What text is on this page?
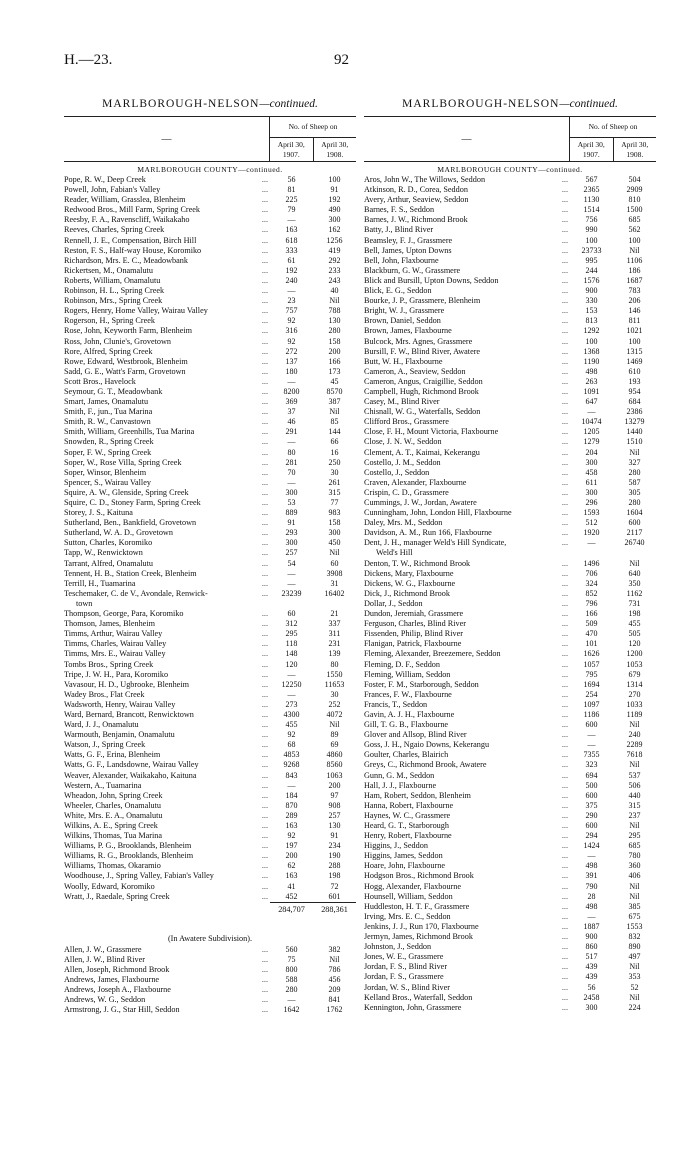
H.—23.	92
MARLBOROUGH-NELSON—continued.
—
No. of Sheep on
April 30, 1907.
April 30, 1908.
MARLBOROUGH COUNTY—continued.
Pope, R. W., Deep Creek	...	56	100
Powell, John, Fabian's Valley	...	81	91
Reader, William, Grasslea, Blenheim	...	225	192
Redwood Bros., Mill Farm, Spring Creek	...	79	490
Reesby, F. A., Ravenscliff, Waikakaho	...	—	300
Reeves, Charles, Spring Creek	...	163	162
Rennell, J. E., Compensation, Birch Hill	...	618	1256
Reston, F. S., Half-way House, Koromiko	...	333	419
Richardson, Mrs. E. C., Meadowbank	...	61	292
Rickertsen, M., Onamalutu	...	192	233
Roberts, William, Onamalutu	...	240	243
Robinson, H. L., Spring Creek	...	—	40
Robinson, Mrs., Spring Creek	...	23	Nil
Rogers, Henry, Home Valley, Wairau Valley	...	757	788
Rogerson, H., Spring Creek	...	92	130
Rose, John, Keyworth Farm, Blenheim	...	316	280
Ross, John, Clunie's, Grovetown	...	92	158
Rore, Alfred, Spring Creek	...	272	200
Rowe, Edward, Westbrook, Blenheim	...	137	166
Sadd, G. E., Watt's Farm, Grovetown	...	180	173
Scott Bros., Havelock	...	—	45
Seymour, G. T., Meadowbank	...	8200	8570
Smart, James, Onamalutu	...	369	387
Smith, F., jun., Tua Marina	...	37	Nil
Smith, R. W., Canvastown	...	46	85
Smith, William, Greenhills, Tua Marina	...	291	144
Snowden, R., Spring Creek	...	—	66
Soper, F. W., Spring Creek	...	80	16
Soper, W., Rose Villa, Spring Creek	...	281	250
Soper, Winsor, Blenheim	...	70	30
Spencer, S., Wairau Valley	...	—	261
Squire, A. W., Glenside, Spring Creek	...	300	315
Squire, C. D., Stoney Farm, Spring Creek	...	53	77
Storey, J. S., Kaituna	...	889	983
Sutherland, Ben., Bankfield, Grovetown	...	91	158
Sutherland, W. A. D., Grovetown	...	293	300
Sutton, Charles, Koromiko	...	300	450
Tapp, W., Renwicktown	...	257	Nil
Tarrant, Alfred, Onamalutu	...	54	60
Tennent, H. B., Station Creek, Blenheim	...	—	3908
Terrill, H., Tuamarina	...	—	31
Teschemaker, C. de V., Avondale, Renwick-	...	23239	16402
town
Thompson, George, Para, Koromiko	...	60	21
Thomson, James, Blenheim	...	312	337
Timms, Arthur, Wairau Valley	...	295	311
Timms, Charles, Wairau Valley	...	118	231
Timms, Mrs. E., Wairau Valley	...	148	139
Tombs Bros., Spring Creek	...	120	80
Tripe, J. W. H., Para, Koromiko	...	—	1550
Vavasour, H. D., Ugbrooke, Blenheim	...	12250	11653
Wadey Bros., Flat Creek	...	—	30
Wadsworth, Henry, Wairau Valley	...	273	252
Ward, Bernard, Brancott, Renwicktown	...	4300	4072
Ward, J. J., Onamalutu	...	455	Nil
Warmouth, Benjamin, Onamalutu	...	92	89
Watson, J., Spring Creek	...	68	69
Watts, G. F., Erina, Blenheim	...	4853	4860
Watts, G. F., Landsdowne, Wairau Valley	...	9268	8560
Weaver, Alexander, Waikakaho, Kaituna	...	843	1063
Western, A., Tuamarina	...	—	200
Wheadon, John, Spring Creek	...	184	97
Wheeler, Charles, Onamalutu	...	870	908
White, Mrs. E. A., Onamalutu	...	289	257
Wilkins, A. E., Spring Creek	...	163	130
Wilkins, Thomas, Tua Marina	...	92	91
Williams, P. G., Brooklands, Blenheim	...	197	234
Williams, R. G., Brooklands, Blenheim	...	200	190
Williams, Thomas, Okaramio	...	62	288
Woodhouse, J., Spring Valley, Fabian's Valley	...	163	198
Woolly, Edward, Koromiko	...	41	72
Wratt, J., Raedale, Spring Creek	...	452	601
284,707	288,361
(In Awatere Subdivision).
Allen, J. W., Grassmere	...	560	382
Allen, J. W., Blind River	...	75	Nil
Allen, Joseph, Richmond Brook	...	800	786
Andrews, James, Flaxbourne	...	588	456
Andrews, Joseph A., Flaxbourne	...	280	209
Andrews, W. G., Seddon	...	—	841
Armstrong, J. G., Star Hill, Seddon	...	1642	1762
MARLBOROUGH-NELSON—continued.
—
No. of Sheep on
April 30, 1907.
April 30, 1908.
MARLBOROUGH COUNTY—continued.
Aros, John W., The Willows, Seddon	...	567	504
Atkinson, R. D., Corea, Seddon	...	2365	2909
Avery, Arthur, Seaview, Seddon	...	1130	810
Barnes, F. S., Seddon	...	1514	1500
Barnes, J. W., Richmond Brook	...	756	685
Batty, J., Blind River	...	990	562
Beamsley, F. J., Grassmere	...	100	100
Bell, James, Upton Downs	...	23733	Nil
Bell, John, Flaxbourne	...	995	1106
Blackburn, G. W., Grassmere	...	244	186
Blick and Bursill, Upton Downs, Seddon	...	1576	1687
Blick, E. G., Seddon	...	900	783
Bourke, J. P., Grassmere, Blenheim	...	330	206
Bright, W. J., Grassmere	...	153	146
Brown, Daniel, Seddon	...	813	811
Brown, James, Flaxbourne	...	1292	1021
Bulcock, Mrs. Agnes, Grassmere	...	100	100
Bursill, F. W., Blind River, Awatere	...	1368	1315
Butt, W. H., Flaxbourne	...	1190	1469
Cameron, A., Seaview, Seddon	...	498	610
Cameron, Angus, Craigillie, Seddon	...	263	193
Campbell, Hugh, Richmond Brook	...	1091	954
Casey, M., Blind River	...	647	684
Chisnall, W. G., Waterfalls, Seddon	...	—	2386
Clifford Bros., Grassmere	...	10474	13279
Close, F. H., Mount Victoria, Flaxbourne	...	1205	1440
Close, J. N. W., Seddon	...	1279	1510
Clement, A. T., Kaimai, Kekerangu	...	204	Nil
Costello, J. M., Seddon	...	300	327
Costello, J., Seddon	...	458	280
Craven, Alexander, Flaxbourne	...	611	587
Crispin, C. D., Grassmere	...	300	305
Cummings, J. W., Jordan, Awatere	...	296	280
Cunningham, John, London Hill, Flaxbourne	...	1593	1604
Daley, Mrs. M., Seddon	...	512	600
Davidson, A. M., Run 166, Flaxbourne	...	1920	2117
Dent, J. H., manager Weld's Hill Syndicate,	...	—	26740
Weld's Hill
Denton, T. W., Richmond Brook	...	1496	Nil
Dickens, Mary, Flaxbourne	...	706	640
Dickens, W. G., Flaxbourne	...	324	350
Dick, J., Richmond Brook	...	852	1162
Dollar, J., Seddon	...	796	731
Dundon, Jeremiah, Grassmere	...	166	198
Ferguson, Charles, Blind River	...	509	455
Fissenden, Philip, Blind River	...	470	505
Flanigan, Patrick, Flaxbourne	...	101	120
Fleming, Alexander, Breezemere, Seddon	...	1626	1200
Fleming, D. F., Seddon	...	1057	1053
Fleming, William, Seddon	...	795	679
Foster, F. M., Starborough, Seddon	...	1694	1314
Frances, F. W., Flaxbourne	...	254	270
Francis, T., Seddon	...	1097	1033
Gavin, A. J. H., Flaxbourne	...	1186	1189
Gill, T. G. B., Flaxbourne	...	600	Nil
Glover and Allsop, Blind River	...	—	240
Goss, J. H., Ngaio Downs, Kekerangu	...	—	2289
Goulter, Charles, Blairich	...	7355	7618
Greys, C., Richmond Brook, Awatere	...	323	Nil
Gunn, G. M., Seddon	...	694	537
Hall, J. J., Flaxbourne	...	500	506
Ham, Robert, Seddon, Blenheim	...	600	440
Hanna, Robert, Flaxbourne	...	375	315
Haynes, W. C., Grassmere	...	290	237
Heard, G. T., Starborough	...	600	Nil
Henry, Robert, Flaxbourne	...	294	295
Higgins, J., Seddon	...	1424	685
Higgins, James, Seddon	...	—	780
Hoare, John, Flaxbourne	...	498	360
Hodgson Bros., Richmond Brook	...	391	406
Hogg, Alexander, Flaxbourne	...	790	Nil
Hounsell, William, Seddon	...	28	Nil
Huddleston, H. T. F., Grassmere	...	498	385
Irving, Mrs. E. C., Seddon	...	—	675
Jenkins, J. J., Run 170, Flaxbourne	...	1887	1553
Jermyn, James, Richmond Brook	...	900	832
Johnston, J., Seddon	...	860	890
Jones, W. E., Grassmere	...	517	497
Jordan, F. S., Blind River	...	439	Nil
Jordan, F. S., Grassmere	...	439	353
Jordan, W. S., Blind River	...	56	52
Kelland Bros., Waterfall, Seddon	...	2458	Nil
Kennington, John, Grassmere	...	300	224
